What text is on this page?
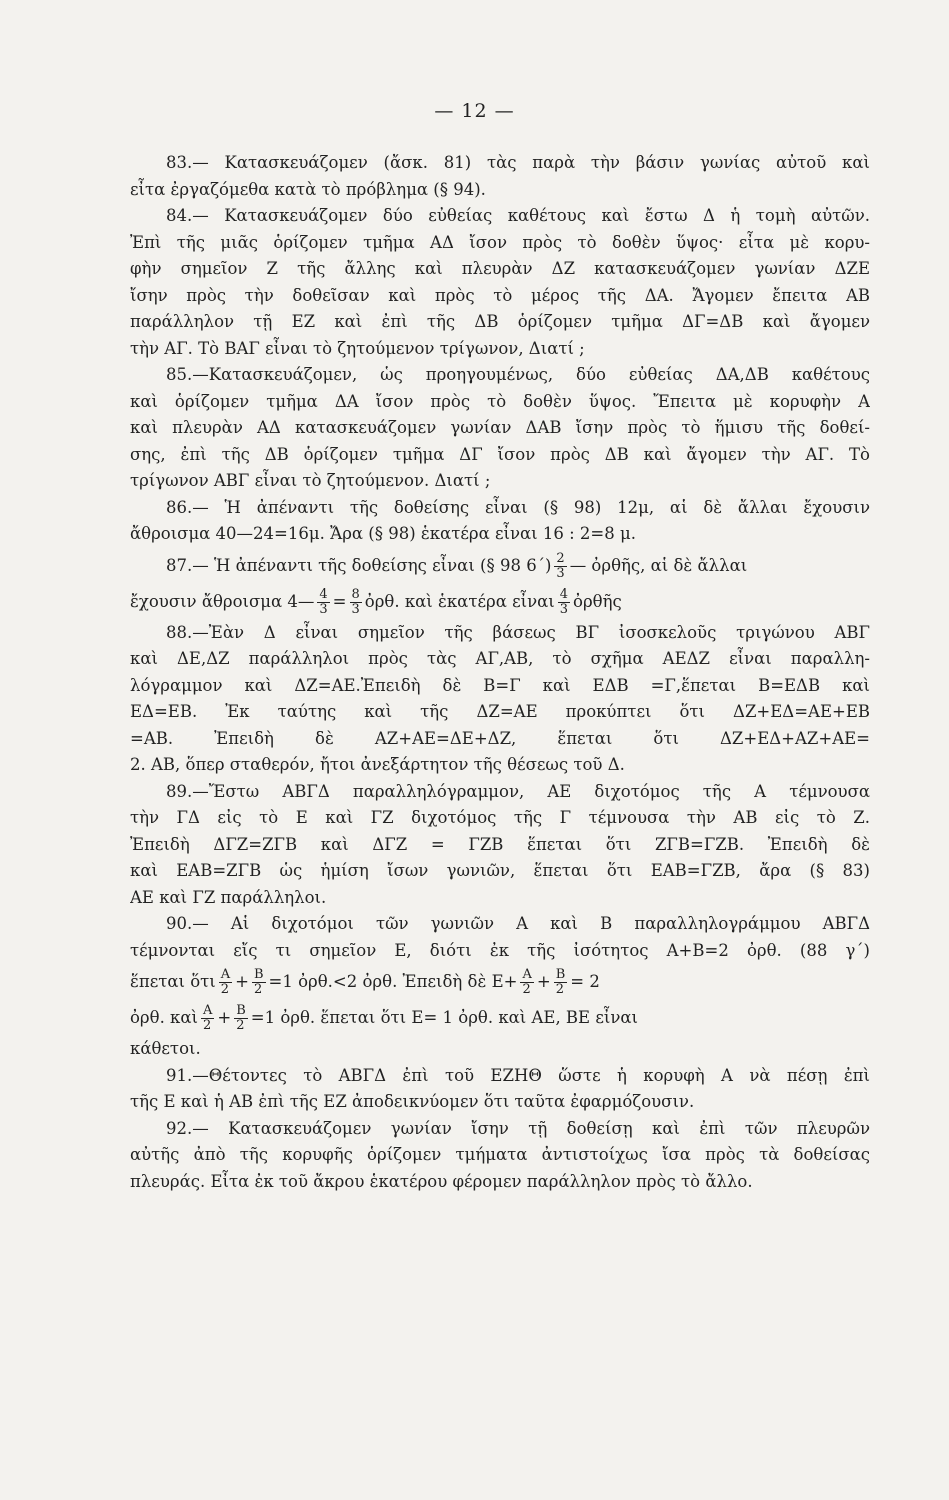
— 12 —
83.— Κατασκευάζομεν (ἄσκ. 81) τὰς παρὰ τὴν βάσιν γωνίας αὐτοῦ καὶ
εἶτα ἐργαζόμεθα κατὰ τὸ πρόβλημα (§ 94).
84.— Κατασκευάζομεν δύο εὐθείας καθέτους καὶ ἔστω Δ ἡ τομὴ αὐτῶν.
Ἐπὶ τῆς μιᾶς ὁρίζομεν τμῆμα ΑΔ ἴσον πρὸς τὸ δοθὲν ὕψος· εἶτα μὲ κορυ-
φὴν σημεῖον Ζ τῆς ἄλλης καὶ πλευρὰν ΔΖ κατασκευάζομεν γωνίαν ΔΖΕ
ἴσην πρὸς τὴν δοθεῖσαν καὶ πρὸς τὸ μέρος τῆς ΔΑ. Ἄγομεν ἔπειτα ΑΒ
παράλληλον τῇ ΕΖ καὶ ἐπὶ τῆς ΔΒ ὁρίζομεν τμῆμα ΔΓ=ΔΒ καὶ ἄγομεν
τὴν ΑΓ. Τὸ ΒΑΓ εἶναι τὸ ζητούμενον τρίγωνον, Διατί ;
85.—Κατασκευάζομεν, ὡς προηγουμένως, δύο εὐθείας ΔΑ,ΔΒ καθέτους
καὶ ὁρίζομεν τμῆμα ΔΑ ἴσον πρὸς τὸ δοθὲν ὕψος. Ἔπειτα μὲ κορυφὴν Α
καὶ πλευρὰν ΑΔ κατασκευάζομεν γωνίαν ΔΑΒ ἴσην πρὸς τὸ ἥμισυ τῆς δοθεί-
σης, ἐπὶ τῆς ΔΒ ὁρίζομεν τμῆμα ΔΓ ἴσον πρὸς ΔΒ καὶ ἄγομεν τὴν ΑΓ. Τὸ
τρίγωνον ΑΒΓ εἶναι τὸ ζητούμενον. Διατί ;
86.— Ἡ ἀπέναντι τῆς δοθείσης εἶναι (§ 98) 12μ, αἱ δὲ ἄλλαι ἔχουσιν
ἄθροισμα 40—24=16μ. Ἄρα (§ 98) ἑκατέρα εἶναι 16 : 2=8 μ.
87.— Ἡ ἀπέναντι τῆς δοθείσης εἶναι (§ 98 $6΄) \frac{2}{3}$ — ὀρθῆς, αἱ δὲ ἄλλαι
ἔχουσιν ἄθροισμα 4— $\frac{4}{3} = \frac{8}{3}$ ὀρθ. καὶ ἑκατέρα εἶναι $\frac{4}{3}$ ὀρθῆς
88.—Ἐὰν Δ εἶναι σημεῖον τῆς βάσεως ΒΓ ἰσοσκελοῦς τριγώνου ΑΒΓ
καὶ ΔΕ,ΔΖ παράλληλοι πρὸς τὰς ΑΓ,ΑΒ, τὸ σχῆμα ΑΕΔΖ εἶναι παραλλη-
λόγραμμον καὶ ΔΖ=ΑΕ.Ἐπειδὴ δὲ Β=Γ καὶ ΕΔΒ =Γ,ἕπεται Β=ΕΔΒ καὶ
ΕΔ=ΕΒ. Ἐκ ταύτης καὶ τῆς ΔΖ=ΑΕ προκύπτει ὅτι ΔΖ+ΕΔ=ΑΕ+ΕΒ
=ΑΒ. Ἐπειδὴ δὲ ΑΖ+ΑΕ=ΔΕ+ΔΖ, ἕπεται ὅτι ΔΖ+ΕΔ+ΑΖ+ΑΕ=
2. ΑΒ, ὅπερ σταθερόν, ἤτοι ἀνεξάρτητον τῆς θέσεως τοῦ Δ.
89.—Ἔστω ΑΒΓΔ παραλληλόγραμμον, ΑΕ διχοτόμος τῆς Α τέμνουσα
τὴν ΓΔ εἰς τὸ Ε καὶ ΓΖ διχοτόμος τῆς Γ τέμνουσα τὴν ΑΒ εἰς τὸ Ζ.
Ἐπειδὴ ΔΓΖ=ΖΓΒ καὶ ΔΓΖ = ΓΖΒ ἕπεται ὅτι ΖΓΒ=ΓΖΒ. Ἐπειδὴ δὲ
καὶ ΕΑΒ=ΖΓΒ ὡς ἡμίση ἴσων γωνιῶν, ἕπεται ὅτι ΕΑΒ=ΓΖΒ, ἄρα (§ 83)
ΑΕ καὶ ΓΖ παράλληλοι.
90.— Αἱ διχοτόμοι τῶν γωνιῶν Α καὶ Β παραλληλογράμμου ΑΒΓΔ
τέμνονται εἴς τι σημεῖον Ε, διότι ἐκ τῆς ἰσότητος Α+Β=2 ὀρθ. (88 γ΄)
ἕπεται ὅτι $\frac{A}{2} + \frac{B}{2} =1$ ὀρθ.<2 ὀρθ. Ἐπειδὴ δὲ $E+ \frac{A}{2} + \frac{B}{2} = 2$
ὀρθ. καὶ $\frac{A}{2} + \frac{B}{2} =1$ ὀρθ. ἕπεται ὅτι Ε= 1 ὀρθ. καὶ ΑΕ, ΒΕ εἶναι
κάθετοι.
91.—Θέτοντες τὸ ΑΒΓΔ ἐπὶ τοῦ ΕΖΗΘ ὥστε ἡ κορυφὴ Α νὰ πέσῃ ἐπὶ
τῆς Ε καὶ ἡ ΑΒ ἐπὶ τῆς ΕΖ ἀποδεικνύομεν ὅτι ταῦτα ἐφαρμόζουσιν.
92.— Κατασκευάζομεν γωνίαν ἴσην τῇ δοθείσῃ καὶ ἐπὶ τῶν πλευρῶν
αὐτῆς ἀπὸ τῆς κορυφῆς ὁρίζομεν τμήματα ἀντιστοίχως ἴσα πρὸς τὰ δοθείσας
πλευράς. Εἶτα ἐκ τοῦ ἄκρου ἑκατέρου φέρομεν παράλληλον πρὸς τὸ ἄλλο.
